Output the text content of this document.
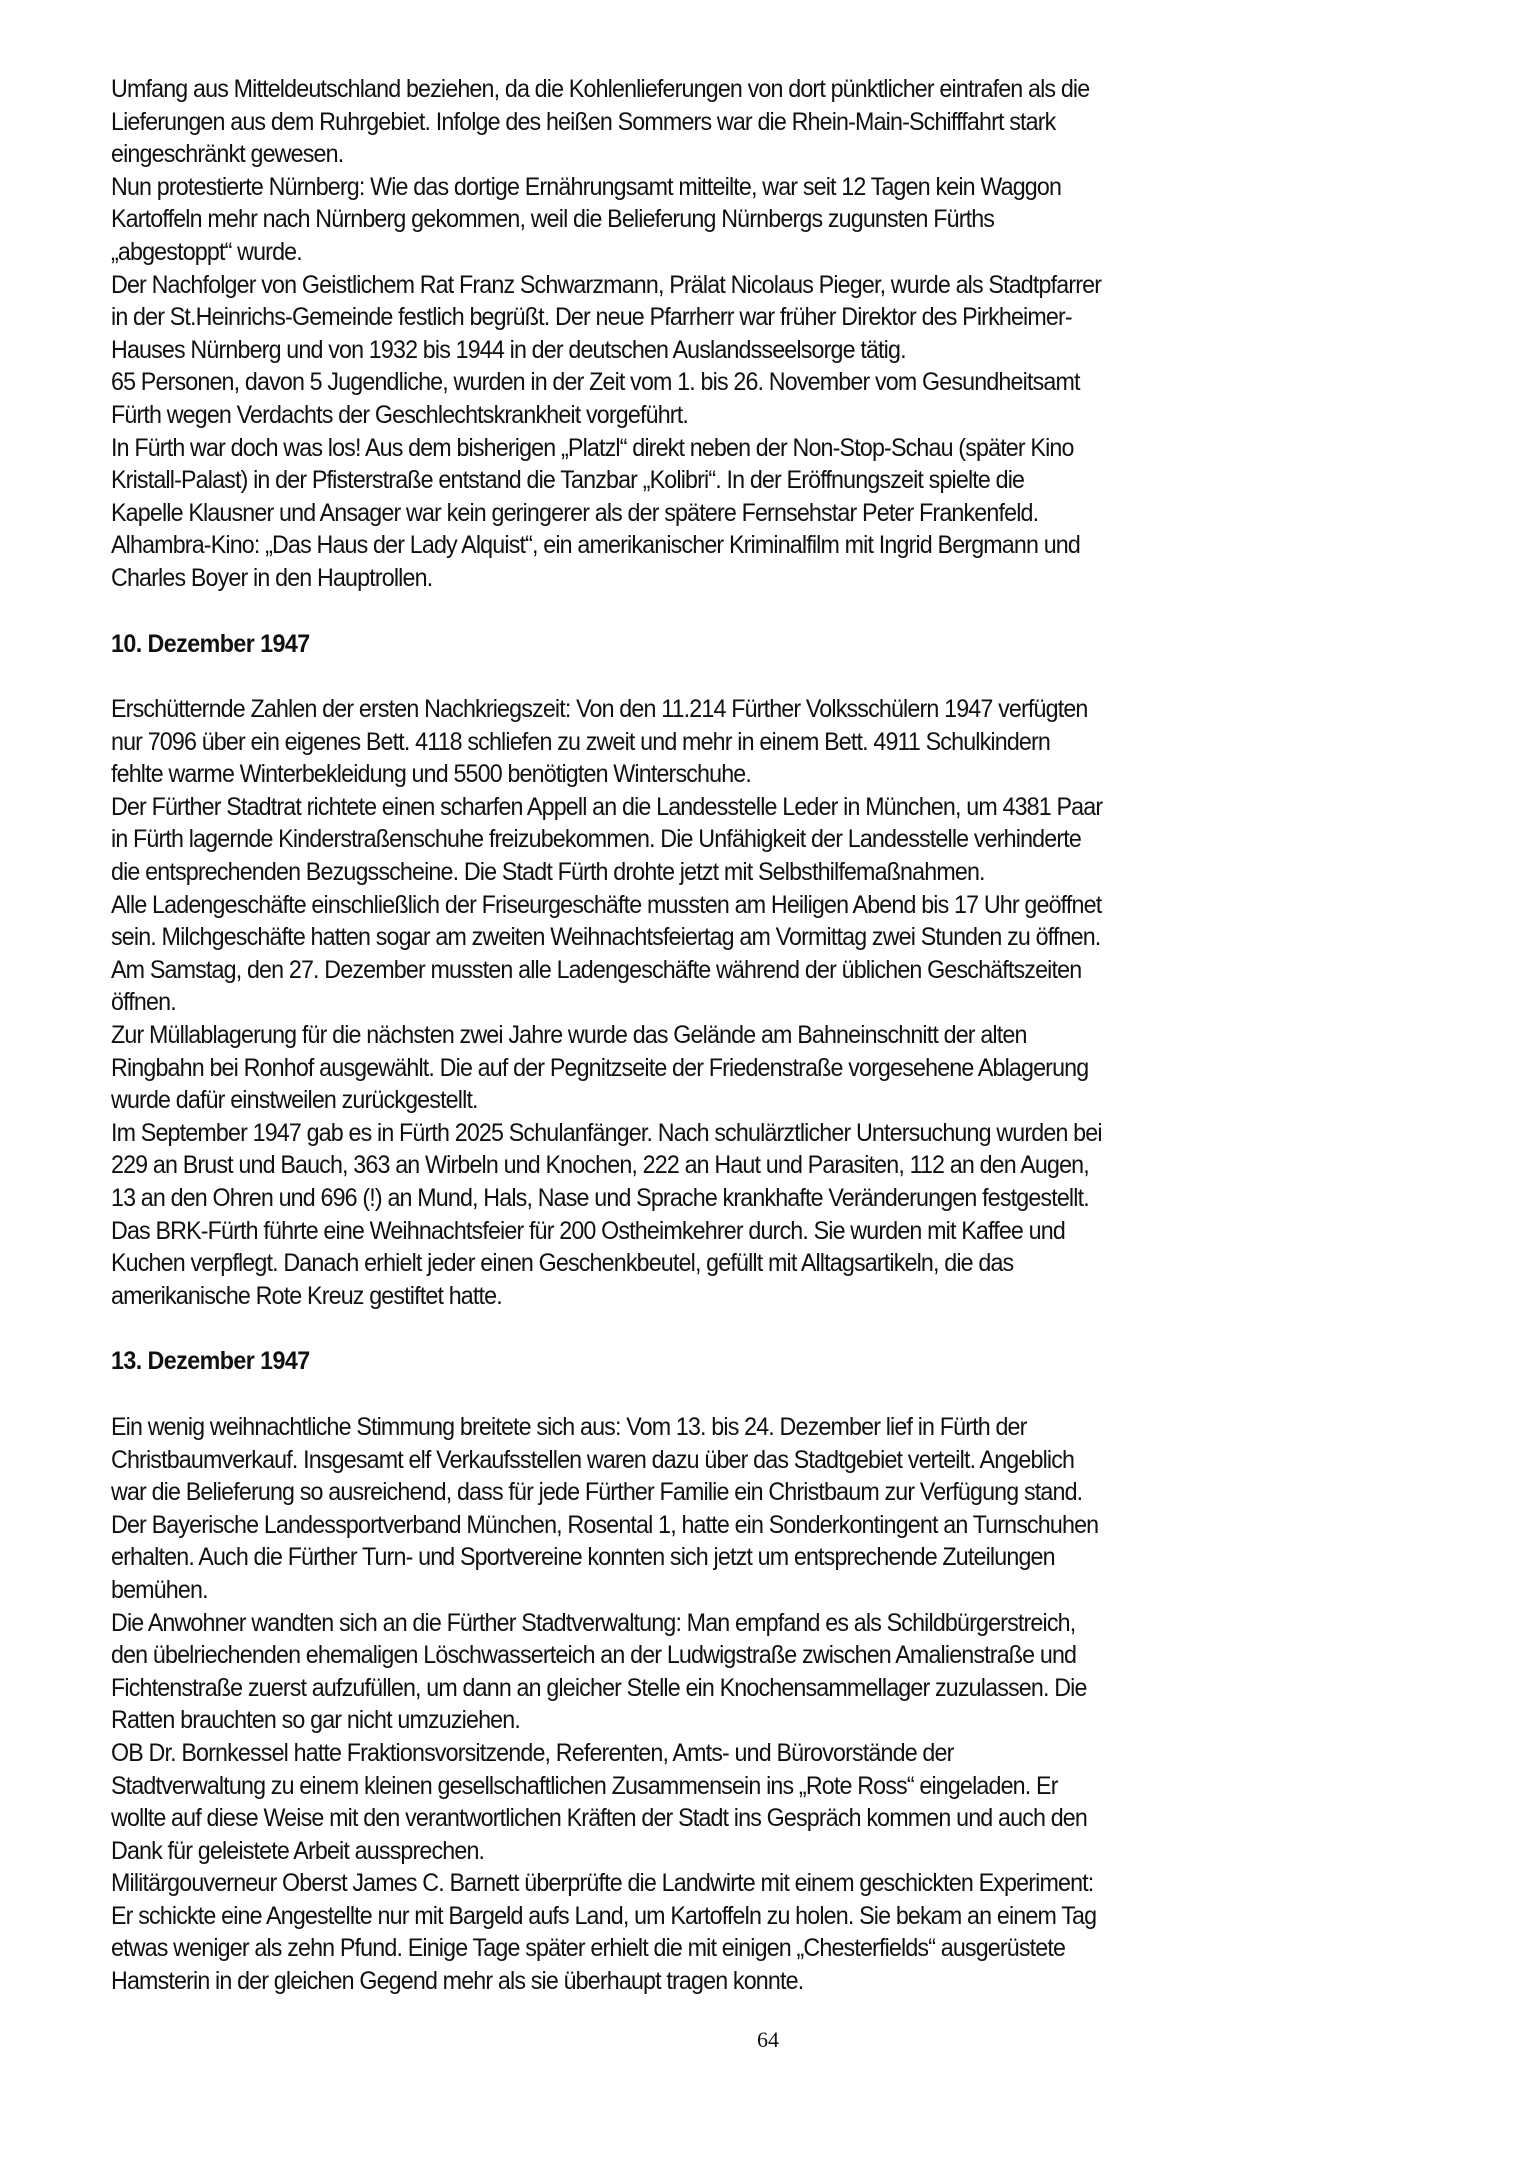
Umfang aus Mitteldeutschland beziehen, da die Kohlenlieferungen von dort pünktlicher eintrafen als die
Lieferungen aus dem Ruhrgebiet. Infolge des heißen Sommers war die Rhein-Main-Schifffahrt stark
eingeschränkt gewesen.
Nun protestierte Nürnberg: Wie das dortige Ernährungsamt mitteilte, war seit 12 Tagen kein Waggon
Kartoffeln mehr nach Nürnberg gekommen, weil die Belieferung Nürnbergs zugunsten Fürths
„abgestoppt“ wurde.
Der Nachfolger von Geistlichem Rat Franz Schwarzmann, Prälat Nicolaus Pieger, wurde als Stadtpfarrer
in der St.Heinrichs-Gemeinde festlich begrüßt. Der neue Pfarrherr war früher Direktor des Pirkheimer-
Hauses Nürnberg und von 1932 bis 1944 in der deutschen Auslandsseelsorge tätig.
65 Personen, davon 5 Jugendliche, wurden in der Zeit vom 1. bis 26. November vom Gesundheitsamt
Fürth wegen Verdachts der Geschlechtskrankheit vorgeführt.
In Fürth war doch was los! Aus dem bisherigen „Platzl“ direkt neben der Non-Stop-Schau (später Kino
Kristall-Palast) in der Pfisterstraße entstand die Tanzbar „Kolibri“. In der Eröffnungszeit spielte die
Kapelle Klausner und Ansager war kein geringerer als der spätere Fernsehstar Peter Frankenfeld.
Alhambra-Kino: „Das Haus der Lady Alquist“, ein amerikanischer Kriminalfilm mit Ingrid Bergmann und
Charles Boyer in den Hauptrollen.
10. Dezember 1947
Erschütternde Zahlen der ersten Nachkriegszeit: Von den 11.214 Fürther Volksschülern 1947 verfügten
nur 7096 über ein eigenes Bett. 4118 schliefen zu zweit und mehr in einem Bett. 4911 Schulkindern
fehlte warme Winterbekleidung und 5500 benötigten Winterschuhe.
Der Fürther Stadtrat richtete einen scharfen Appell an die Landesstelle Leder in München, um 4381 Paar
in Fürth lagernde Kinderstraßenschuhe freizubekommen. Die Unfähigkeit der Landesstelle verhinderte
die entsprechenden Bezugsscheine. Die Stadt Fürth drohte jetzt mit Selbsthilfemaßnahmen.
Alle Ladengeschäfte einschließlich der Friseurgeschäfte mussten am Heiligen Abend bis 17 Uhr geöffnet
sein. Milchgeschäfte hatten sogar am zweiten Weihnachtsfeiertag am Vormittag zwei Stunden zu öffnen.
Am Samstag, den 27. Dezember mussten alle Ladengeschäfte während der üblichen Geschäftszeiten
öffnen.
Zur Müllablagerung für die nächsten zwei Jahre wurde das Gelände am Bahneinschnitt der alten
Ringbahn bei Ronhof ausgewählt. Die auf der Pegnitzseite der Friedenstraße vorgesehene Ablagerung
wurde dafür einstweilen zurückgestellt.
Im September 1947 gab es in Fürth 2025 Schulanfänger. Nach schulärztlicher Untersuchung wurden bei
229 an Brust und Bauch, 363 an Wirbeln und Knochen, 222 an Haut und Parasiten, 112 an den Augen,
13 an den Ohren und 696 (!) an Mund, Hals, Nase und Sprache krankhafte Veränderungen festgestellt.
Das BRK-Fürth führte eine Weihnachtsfeier für 200 Ostheimkehrer durch. Sie wurden mit Kaffee und
Kuchen verpflegt. Danach erhielt jeder einen Geschenkbeutel, gefüllt mit Alltagsartikeln, die das
amerikanische Rote Kreuz gestiftet hatte.
13. Dezember 1947
Ein wenig weihnachtliche Stimmung breitete sich aus: Vom 13. bis 24. Dezember lief in Fürth der
Christbaumverkauf. Insgesamt elf Verkaufsstellen waren dazu über das Stadtgebiet verteilt. Angeblich
war die Belieferung so ausreichend, dass für jede Fürther Familie ein Christbaum zur Verfügung stand.
Der Bayerische Landessportverband München, Rosental 1, hatte ein Sonderkontingent an Turnschuhen
erhalten. Auch die Fürther Turn- und Sportvereine konnten sich jetzt um entsprechende Zuteilungen
bemühen.
Die Anwohner wandten sich an die Fürther Stadtverwaltung: Man empfand es als Schildbürgerstreich,
den übelriechenden ehemaligen Löschwasserteich an der Ludwigstraße zwischen Amalienstraße und
Fichtenstraße zuerst aufzufüllen, um dann an gleicher Stelle ein Knochensammellager zuzulassen. Die
Ratten brauchten so gar nicht umzuziehen.
OB Dr. Bornkessel hatte Fraktionsvorsitzende, Referenten, Amts- und Bürovorstände der
Stadtverwaltung zu einem kleinen gesellschaftlichen Zusammensein ins „Rote Ross“ eingeladen. Er
wollte auf diese Weise mit den verantwortlichen Kräften der Stadt ins Gespräch kommen und auch den
Dank für geleistete Arbeit aussprechen.
Militärgouverneur Oberst James C. Barnett überprüfte die Landwirte mit einem geschickten Experiment:
Er schickte eine Angestellte nur mit Bargeld aufs Land, um Kartoffeln zu holen. Sie bekam an einem Tag
etwas weniger als zehn Pfund. Einige Tage später erhielt die mit einigen „Chesterfields“ ausgerüstete
Hamsterin in der gleichen Gegend mehr als sie überhaupt tragen konnte.
64
